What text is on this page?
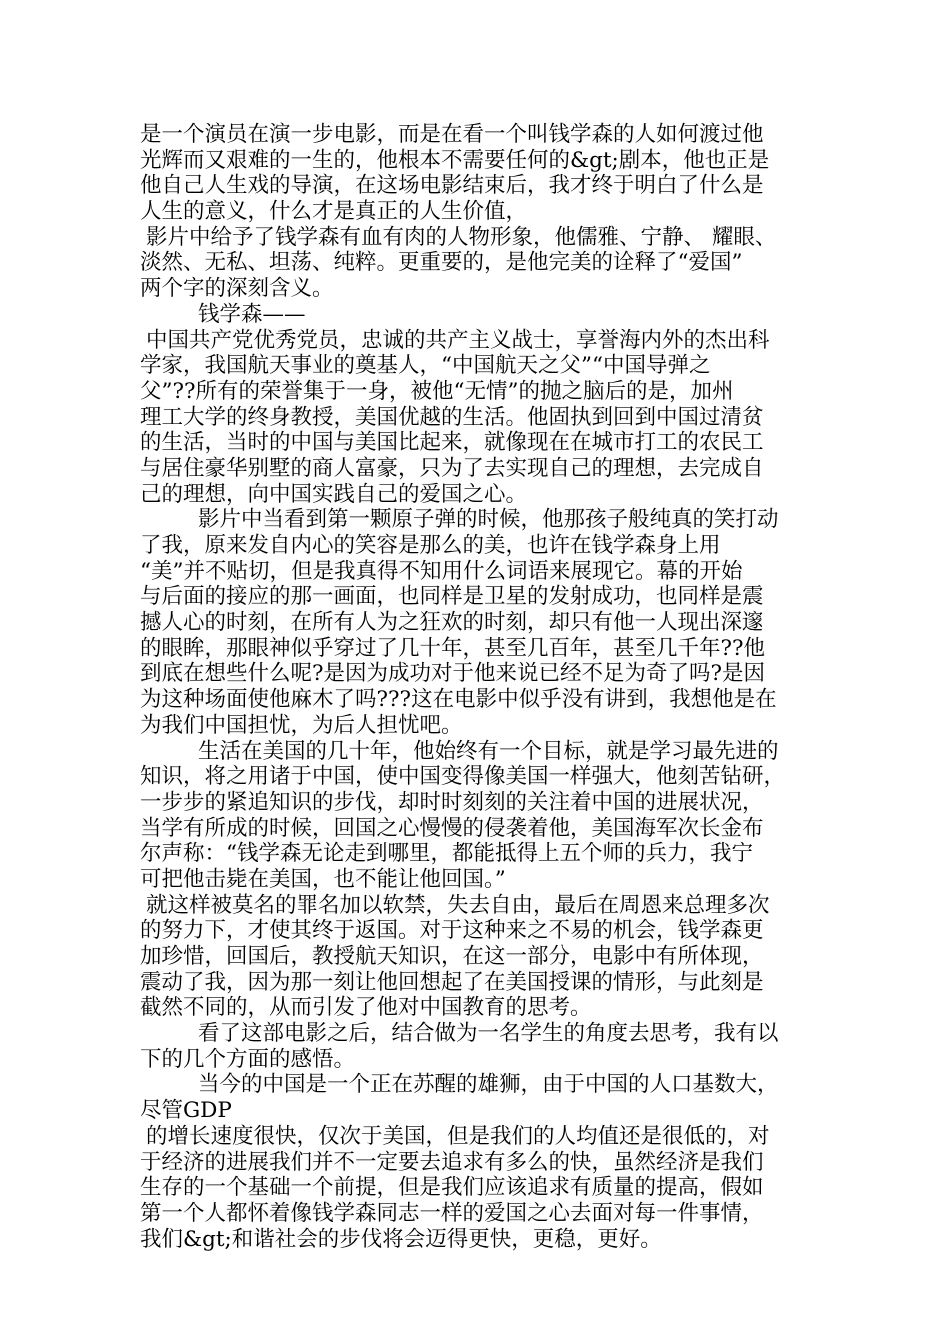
是一个演员在演一步电影，而是在看一个叫钱学森的人如何渡过他
光辉而又艰难的一生的，他根本不需要任何的&gt;剧本，他也正是
他自己人生戏的导演，在这场电影结束后，我才终于明白了什么是
人生的意义，什么才是真正的人生价值，
影片中给予了钱学森有血有肉的人物形象，他儒雅、宁静、 耀眼、
淡然、无私、坦荡、纯粹。更重要的，是他完美的诠释了“爱国”
两个字的深刻含义。
钱学森——
中国共产党优秀党员，忠诚的共产主义战士，享誉海内外的杰出科
学家，我国航天事业的奠基人，“中国航天之父”“中国导弹之
父”??所有的荣誉集于一身，被他“无情”的抛之脑后的是，加州
理工大学的终身教授，美国优越的生活。他固执到回到中国过清贫
的生活，当时的中国与美国比起来，就像现在在城市打工的农民工
与居住豪华别墅的商人富豪，只为了去实现自己的理想，去完成自
己的理想，向中国实践自己的爱国之心。
影片中当看到第一颗原子弹的时候，他那孩子般纯真的笑打动
了我，原来发自内心的笑容是那么的美，也许在钱学森身上用
“美”并不贴切，但是我真得不知用什么词语来展现它。幕的开始
与后面的接应的那一画面，也同样是卫星的发射成功，也同样是震
撼人心的时刻，在所有人为之狂欢的时刻，却只有他一人现出深邃
的眼眸，那眼神似乎穿过了几十年，甚至几百年，甚至几千年??他
到底在想些什么呢?是因为成功对于他来说已经不足为奇了吗?是因
为这种场面使他麻木了吗???这在电影中似乎没有讲到，我想他是在
为我们中国担忧，为后人担忧吧。
生活在美国的几十年，他始终有一个目标，就是学习最先进的
知识，将之用诸于中国，使中国变得像美国一样强大，他刻苦钻研，
一步步的紧追知识的步伐，却时时刻刻的关注着中国的进展状况，
当学有所成的时候，回国之心慢慢的侵袭着他，美国海军次长金布
尔声称：“钱学森无论走到哪里，都能抵得上五个师的兵力，我宁
可把他击毙在美国，也不能让他回国。”
就这样被莫名的罪名加以软禁，失去自由，最后在周恩来总理多次
的努力下，才使其终于返国。对于这种来之不易的机会，钱学森更
加珍惜，回国后，教授航天知识，在这一部分，电影中有所体现，
震动了我，因为那一刻让他回想起了在美国授课的情形，与此刻是
截然不同的，从而引发了他对中国教育的思考。
看了这部电影之后，结合做为一名学生的角度去思考，我有以
下的几个方面的感悟。
当今的中国是一个正在苏醒的雄狮，由于中国的人口基数大，
尽管GDP
的增长速度很快，仅次于美国，但是我们的人均值还是很低的，对
于经济的进展我们并不一定要去追求有多么的快，虽然经济是我们
生存的一个基础一个前提，但是我们应该追求有质量的提高，假如
第一个人都怀着像钱学森同志一样的爱国之心去面对每一件事情，
我们&gt;和谐社会的步伐将会迈得更快，更稳，更好。
